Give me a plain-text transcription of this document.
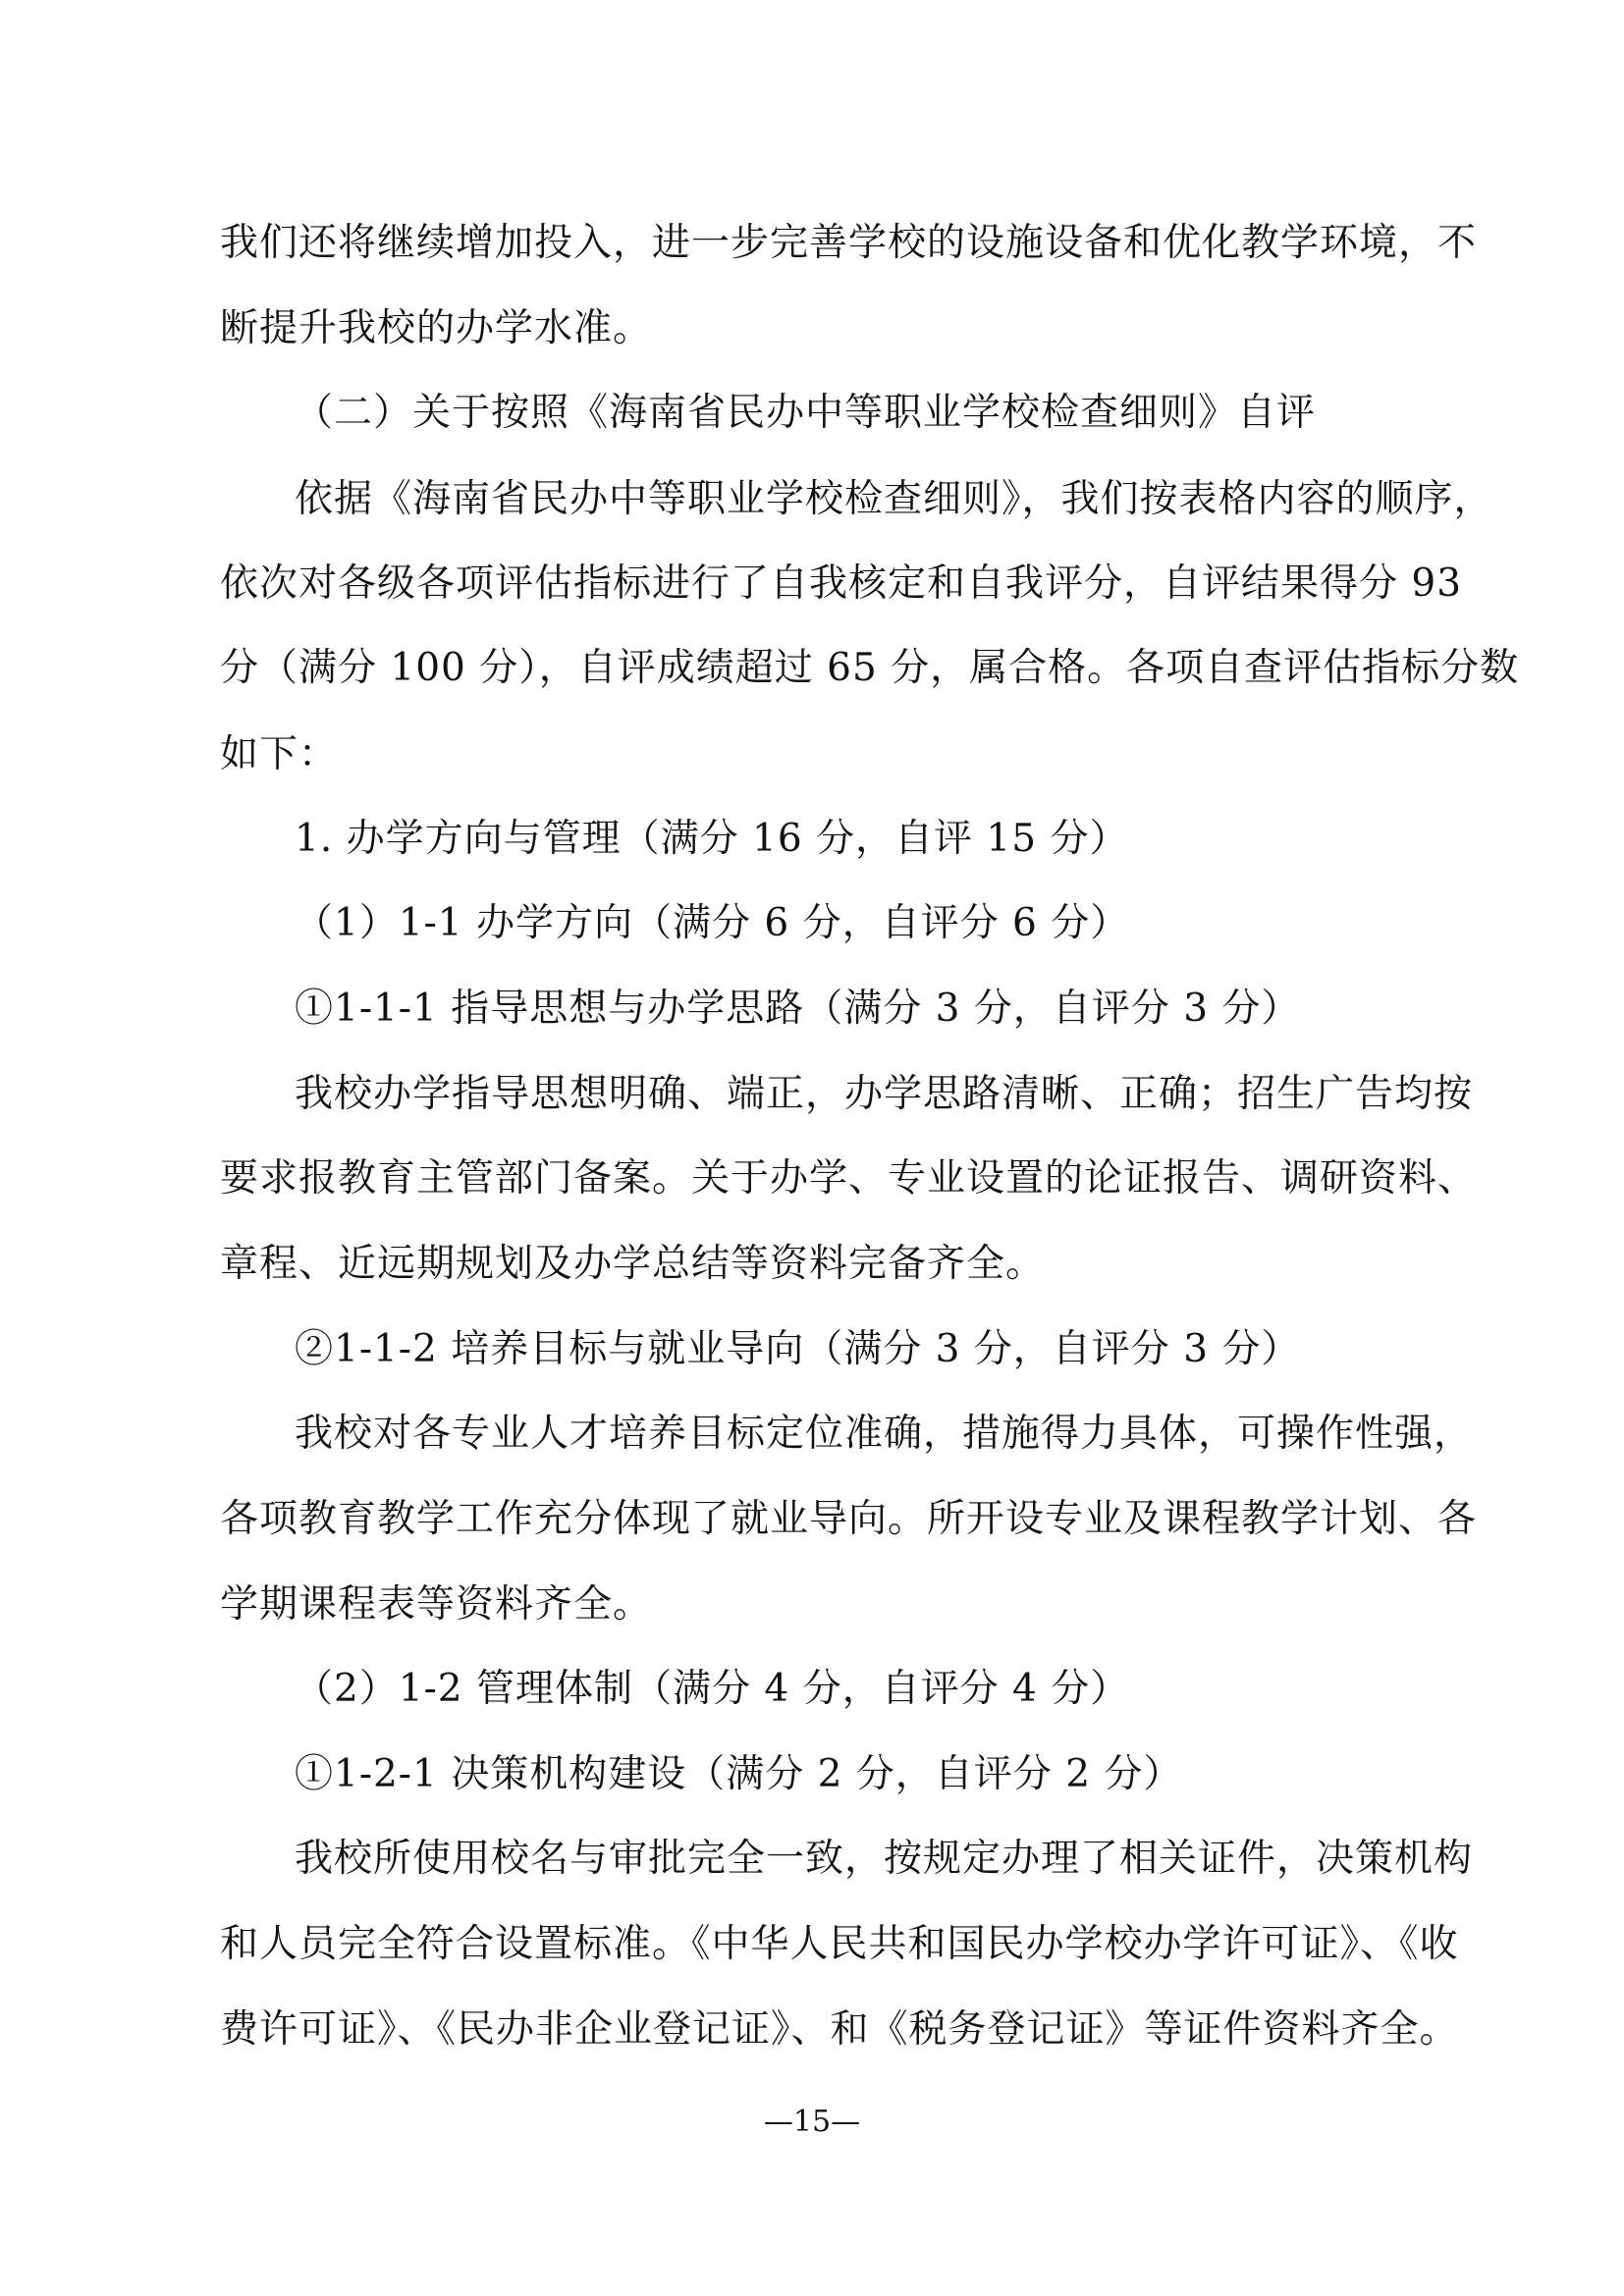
我们还将继续增加投入，进一步完善学校的设施设备和优化教学环境，不
断提升我校的办学水准。
（二）关于按照《海南省民办中等职业学校检查细则》自评
依据《海南省民办中等职业学校检查细则》，我们按表格内容的顺序，
依次对各级各项评估指标进行了自我核定和自我评分，自评结果得分 93
分（满分 100 分），自评成绩超过 65 分，属合格。各项自查评估指标分数
如下：
1. 办学方向与管理（满分 16 分，自评 15 分）
（1）1-1 办学方向（满分 6 分，自评分 6 分）
①1-1-1 指导思想与办学思路（满分 3 分，自评分 3 分）
我校办学指导思想明确、端正，办学思路清晰、正确；招生广告均按
要求报教育主管部门备案。关于办学、专业设置的论证报告、调研资料、
章程、近远期规划及办学总结等资料完备齐全。
②1-1-2 培养目标与就业导向（满分 3 分，自评分 3 分）
我校对各专业人才培养目标定位准确，措施得力具体，可操作性强，
各项教育教学工作充分体现了就业导向。所开设专业及课程教学计划、各
学期课程表等资料齐全。
（2）1-2 管理体制（满分 4 分，自评分 4 分）
①1-2-1 决策机构建设（满分 2 分，自评分 2 分）
我校所使用校名与审批完全一致，按规定办理了相关证件，决策机构
和人员完全符合设置标准。《中华人民共和国民办学校办学许可证》、《收
费许可证》、《民办非企业登记证》、和《税务登记证》等证件资料齐全。
—15—
